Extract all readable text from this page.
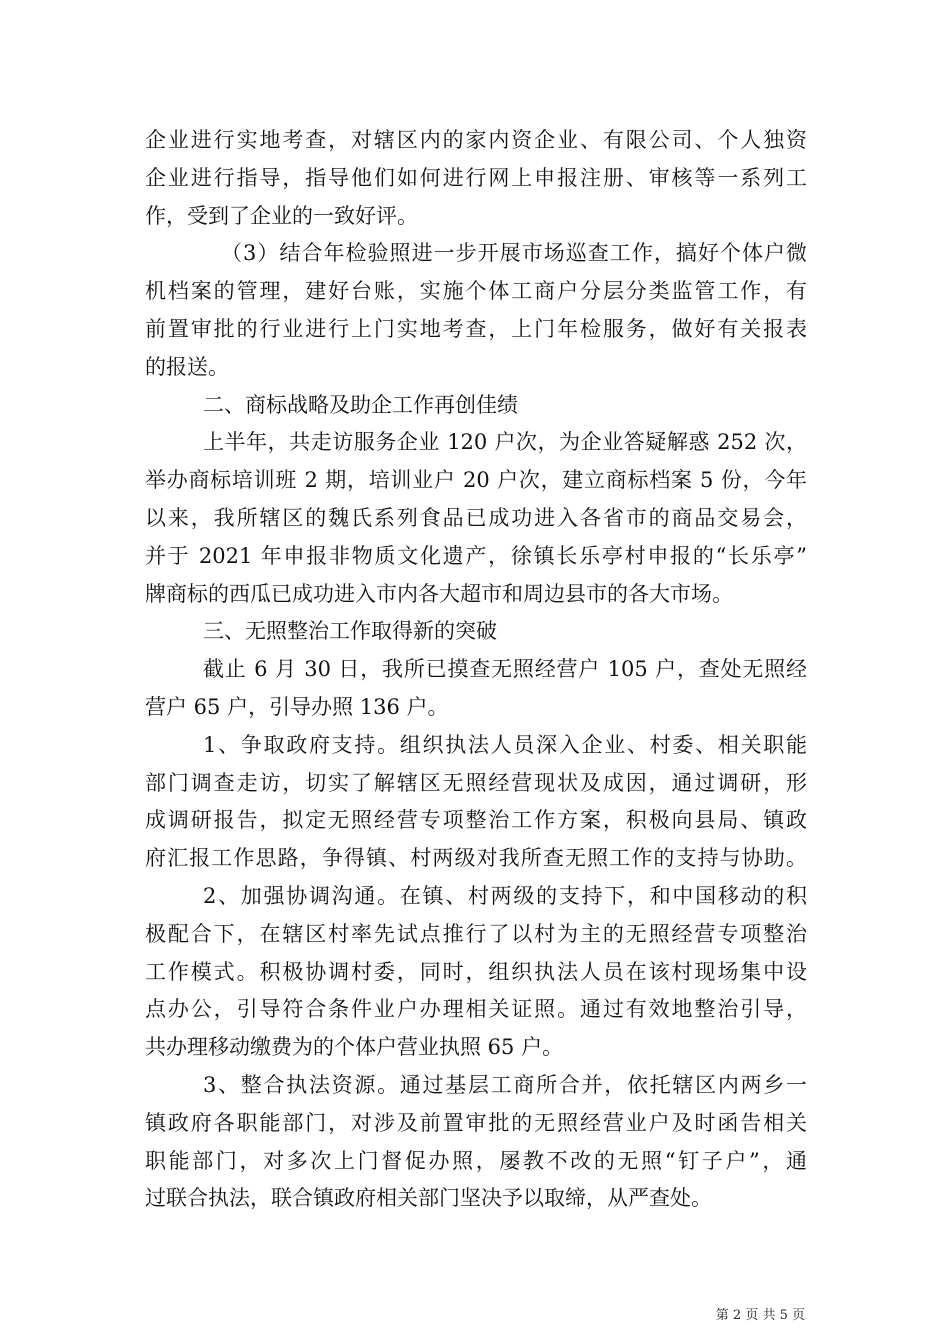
企业进行实地考查，对辖区内的家内资企业、有限公司、个人独资
企业进行指导，指导他们如何进行网上申报注册、审核等一系列工
作，受到了企业的一致好评。
（3）结合年检验照进一步开展市场巡查工作，搞好个体户微
机档案的管理，建好台账，实施个体工商户分层分类监管工作，有
前置审批的行业进行上门实地考查，上门年检服务，做好有关报表
的报送。
二、商标战略及助企工作再创佳绩
上半年，共走访服务企业 120 户次，为企业答疑解惑 252 次，
举办商标培训班 2 期，培训业户 20 户次，建立商标档案 5 份，今年
以来，我所辖区的魏氏系列食品已成功进入各省市的商品交易会，
并于 2021 年申报非物质文化遗产，徐镇长乐亭村申报的“长乐亭”
牌商标的西瓜已成功进入市内各大超市和周边县市的各大市场。
三、无照整治工作取得新的突破
截止 6 月 30 日，我所已摸查无照经营户 105 户，查处无照经
营户 65 户，引导办照 136 户。
1、争取政府支持。组织执法人员深入企业、村委、相关职能
部门调查走访，切实了解辖区无照经营现状及成因，通过调研，形
成调研报告，拟定无照经营专项整治工作方案，积极向县局、镇政
府汇报工作思路，争得镇、村两级对我所查无照工作的支持与协助。
2、加强协调沟通。在镇、村两级的支持下，和中国移动的积
极配合下，在辖区村率先试点推行了以村为主的无照经营专项整治
工作模式。积极协调村委，同时，组织执法人员在该村现场集中设
点办公，引导符合条件业户办理相关证照。通过有效地整治引导，
共办理移动缴费为的个体户营业执照 65 户。
3、整合执法资源。通过基层工商所合并，依托辖区内两乡一
镇政府各职能部门，对涉及前置审批的无照经营业户及时函告相关
职能部门，对多次上门督促办照，屡教不改的无照“钉子户”，通
过联合执法，联合镇政府相关部门坚决予以取缔，从严查处。
第 2 页 共 5 页
